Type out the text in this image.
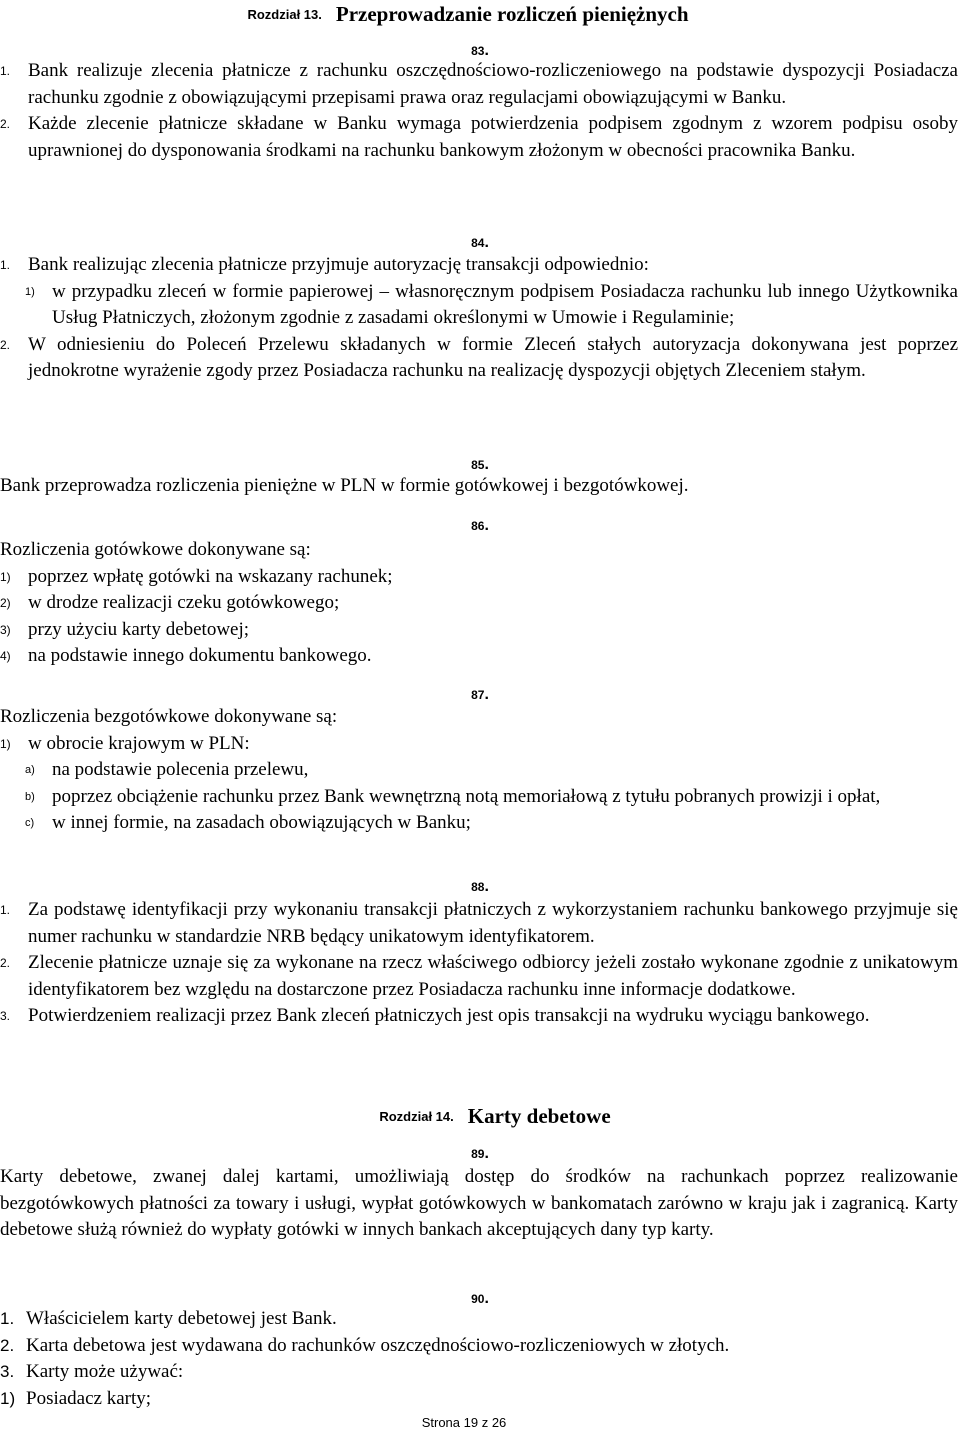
Rozdział 13. Przeprowadzanie rozliczeń pieniężnych
83.
1. Bank realizuje zlecenia płatnicze z rachunku oszczędnościowo-rozliczeniowego na podstawie dyspozycji Posiadacza rachunku zgodnie z obowiązującymi przepisami prawa oraz regulacjami obowiązującymi w Banku.
2. Każde zlecenie płatnicze składane w Banku wymaga potwierdzenia podpisem zgodnym z wzorem podpisu osoby uprawnionej do dysponowania środkami na rachunku bankowym złożonym w obecności pracownika Banku.
84.
1. Bank realizując zlecenia płatnicze przyjmuje autoryzację transakcji odpowiednio:
1) w przypadku zleceń w formie papierowej – własnoręcznym podpisem Posiadacza rachunku lub innego Użytkownika Usług Płatniczych, złożonym zgodnie z zasadami określonymi w Umowie i Regulaminie;
2. W odniesieniu do Poleceń Przelewu składanych w formie Zleceń stałych autoryzacja dokonywana jest poprzez jednokrotne wyrażenie zgody przez Posiadacza rachunku na realizację dyspozycji objętych Zleceniem stałym.
85.
Bank przeprowadza rozliczenia pieniężne w PLN w formie gotówkowej i bezgotówkowej.
86.
Rozliczenia gotówkowe dokonywane są:
1) poprzez wpłatę gotówki na wskazany rachunek;
2) w drodze realizacji czeku gotówkowego;
3) przy użyciu karty debetowej;
4) na podstawie innego dokumentu bankowego.
87.
Rozliczenia bezgotówkowe dokonywane są:
1) w obrocie krajowym w PLN:
a) na podstawie polecenia przelewu,
b) poprzez obciążenie rachunku przez Bank wewnętrzną notą memoriałową z tytułu pobranych prowizji i opłat,
c) w innej formie, na zasadach obowiązujących w Banku;
88.
1. Za podstawę identyfikacji przy wykonaniu transakcji płatniczych z wykorzystaniem rachunku bankowego przyjmuje się numer rachunku w standardzie NRB będący unikatowym identyfikatorem.
2. Zlecenie płatnicze uznaje się za wykonane na rzecz właściwego odbiorcy jeżeli zostało wykonane zgodnie z unikatowym identyfikatorem bez względu na dostarczone przez Posiadacza rachunku inne informacje dodatkowe.
3. Potwierdzeniem realizacji przez Bank zleceń płatniczych jest opis transakcji na wydruku wyciągu bankowego.
Rozdział 14. Karty debetowe
89.
Karty debetowe, zwanej dalej kartami, umożliwiają dostęp do środków na rachunkach poprzez realizowanie bezgotówkowych płatności za towary i usługi, wypłat gotówkowych w bankomatach zarówno w kraju jak i zagranicą. Karty debetowe służą również do wypłaty gotówki w innych bankach akceptujących dany typ karty.
90.
1. Właścicielem karty debetowej jest Bank.
2. Karta debetowa jest wydawana do rachunków oszczędnościowo-rozliczeniowych w złotych.
3. Karty może używać:
1) Posiadacz karty;
Strona 19 z 26
